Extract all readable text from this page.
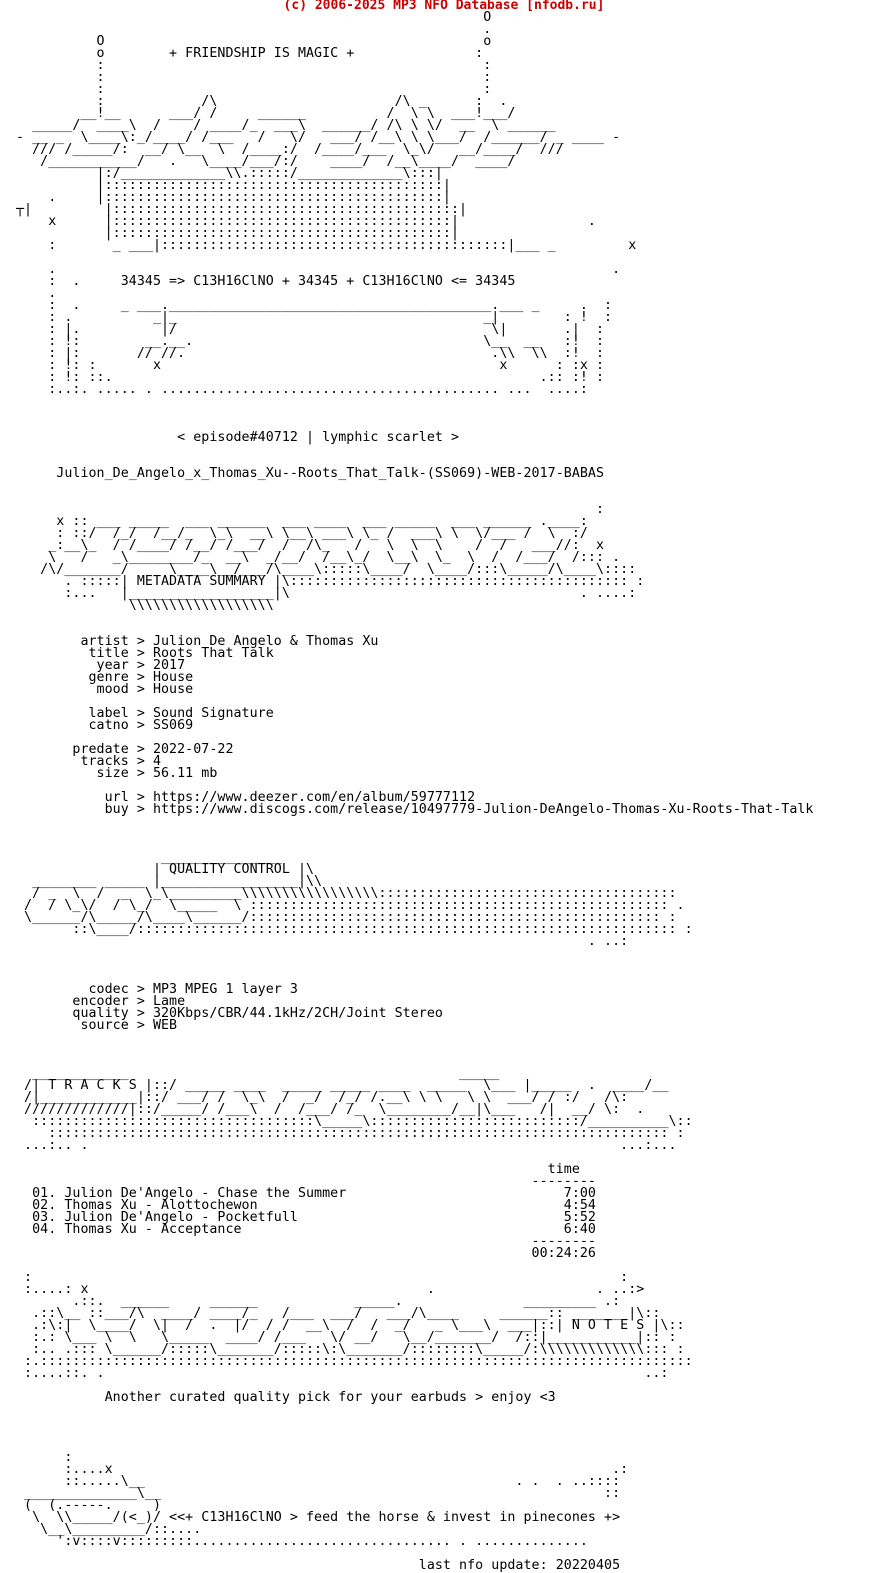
(c) 2006-2025 MP3 NFO Database [nfodb.ru]
O
.
O                                               o
o        + FRIENDSHIP IS MAGIC +               :
:                                               :
:                                               :
:                                               :
:            /\                      /\ _      :  .
__!__      ___/ /     ______          /  \ \  ___!___/
_____/  ____\  /    / ____/_  ___\  ______/ /\ \ \/  __  \ ______
- __ _  \____\:_/____/ /___   /   \/   ___/ /__\ \ \___/  /______/ _ ____ -
/// /_____/:  __/ \__  \  /____:/  /____/___  \_\/   __/____/  ///
/___________/   .   \____/___/:/    ____/  /__\____/  ____/
|:/_____________\\.:::::/_____________\:::|
|::::::::::::::::::::::::::::::::::::::::::|
.     |::::::::::::::::::::::::::::::::::::::::::|
┬|         |:::::::::::::::::::::::::::::::::::::::::::|
x      |::::::::::::::::::::::::::::::::::::::::::|                .
|::::::::::::::::::::::::::::::::::::::::::|
:       _ ___|:::::::::::::::::::::::::::::::::::::::::::|___ _         x

.                                                                     .
:  .     34345 => C13H16ClNO + 34345 + C13H16ClNO <= 34345
.
:  .     _ ___.________________________________________.___ _     .  :
: .          _|_                                      _|        : !  :
: |.          |/                                       \|       .|  :
: !:        __.__.                                    \__  __   :!  :
: |:       // //.                                      .\\  \\  :!  :
: !: :       x                                          x      : :x :
: !: ::.                                                     .:: :! :
:..:. ..... . .......................................... ...  ....:

< episode#40712 | lymphic scarlet >

Julion_De_Angelo_x_Thomas_Xu--Roots_That_Talk-(SS069)-WEB-2017-BABAS

:
x :: ___ _____  ___ ______  ___ ____  ___ _____  ___ ______ .____:
: ::/  /_/  /__/_  \_\  __\ \__\ ___\ \_ /  ___\ \  \/___ /  \  :/
_:__\_  / /____/ /__/ /___/  /  /\_   /   \  \  \    /  /   ___//:  x
\   /   _\________/_  __\  _/__/  /__\_/  \__\  \_  \  /  /___/  /::: .
/\/_______/     \____\__/___/\____\:::::\____/  \____/:::\_____/\____\::::
. :::::| METADATA SUMMARY |\:::::::::::::::::::::::::::::::::::::::::: :
:...   |__________________|\                                    . ....:
\\\\\\\\\\\\\\\\\\

artist > Julion De Angelo & Thomas Xu
title > Roots That Talk
year > 2017
genre > House
mood > House

label > Sound Signature
catno > SS069

predate > 2022-07-22
tracks > 4
size > 56.11 mb

url > https://www.deezer.com/en/album/59777112
buy > https://www.discogs.com/release/10497779-Julion-DeAngelo-Thomas-Xu-Roots-That-Talk

_______________
| QUALITY CONTROL |\
________ _____ |_________________|\\
/ _  \  /  _  \_\_________\\\\\\\\\\\\\\\\\:::::::::::::::::::::::::::::::::::::
/  / \_\/  / \_/  \_____  \ :::::::::::::::::::::::::::::::::::::::::::::::::::: .
\______/\_____/\____\______/::::::::::::::::::::::::::::::::::::::::::::::::::: :
::\____/::::::::::::::::::::::::::::::::::::::::::::::::::::::::::::::::::: :
. ..:

codec > MP3 MPEG 1 layer 3
encoder > Lame
quality > 320Kbps/CBR/44.1kHz/2CH/Joint Stereo
source > WEB

____________                                         _____
/| T R A C K S |::/ _____ ____  _____ _____ ____  _____  \___ |_____  .  ____/__
/|____________|::/ ___/ /  \_\  /  _/  /_/ /.__\ \ \   \ \  ___/ / :/   /\:
/////////////|::/_____/ /___\  /  /___/ /_  \________/__|\___   /|  __/ \:  .
:::::::::::::::::::::::::::::::::::\_____\::::::::::::::::::::::::::/__________\::
::::::::::::::::::::::::::::::::::::::::::::::::::::::::::::::::::::::::::::: :
...:.. .                                                                  ...:...

time
--------
01. Julion De'Angelo - Chase the Summer                           7:00
02. Thomas Xu - Alottochewon                                      4:54
03. Julion De'Angelo - Pocketfull                                 5:52
04. Thomas Xu - Acceptance                                        6:40
--------
00:24:26

:                                                                         :
:....: x                                          .                    . ..:>
.::.  ______     ______            _____.               _________ .:
.::\__ ::___/\  ____/ ____/_   /___  ___/   ___/\____     ______:: _______|\::
.:\:|  \____/  \|  /  .  |/  / /  __\  /  /  _/   _ \___\  ___|::| N O T E S |\::
:.: \___ \  \   \_____  ____/ /___   \/ __/   \__/_______/  /::|___________|:: :
:.. .::: \______/:::::\_______/:::::\:\_______/::::::::\_____/:\\\\\\\\\\\\\::: :
:.:::::::::::::::::::::::::::::::::::::::::::::::::::::::::::::::::::::::::::::::::
:....::. .                                                                   ..:

Another curated quality pick for your earbuds > enjoy <3

:
:....x                                                              .:
::.....\__                                              . .  . ..::::
______________\__                                                       ::
(  (.-----.     )
\  \\_____/(<_)/ <<+ C13H16ClNO > feed the horse & invest in pinecones +>
\__\_________/::....
':v::::v:::::::::................................ . ..............

last nfo update: 20220405
